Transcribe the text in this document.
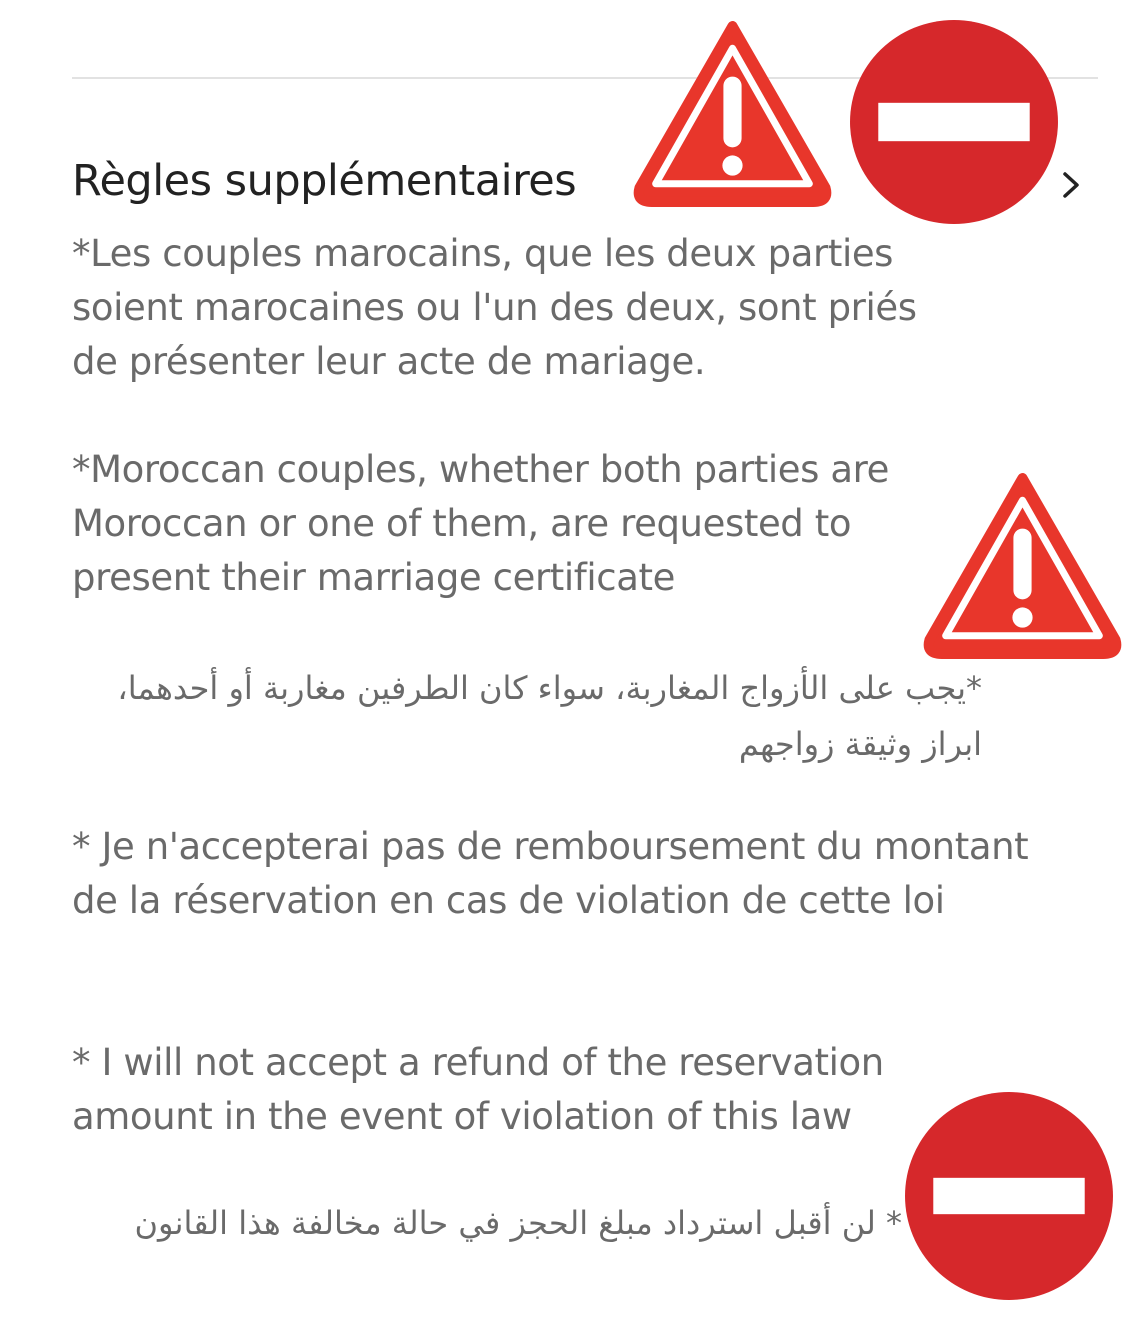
Règles supplémentaires

*Les couples marocains, que les deux parties soient marocaines ou l'un des deux, sont priés de présenter leur acte de mariage.

*Moroccan couples, whether both parties are Moroccan or one of them, are requested to present their marriage certificate

*يجب على الأزواج المغاربة، سواء كان الطرفين مغاربة أو أحدهما، ابراز وثيقة زواجهم

* Je n'accepterai pas de remboursement du montant de la réservation en cas de violation de cette loi

* I will not accept a refund of the reservation amount in the event of violation of this law

* لن أقبل استرداد مبلغ الحجز في حالة مخالفة هذا القانون
